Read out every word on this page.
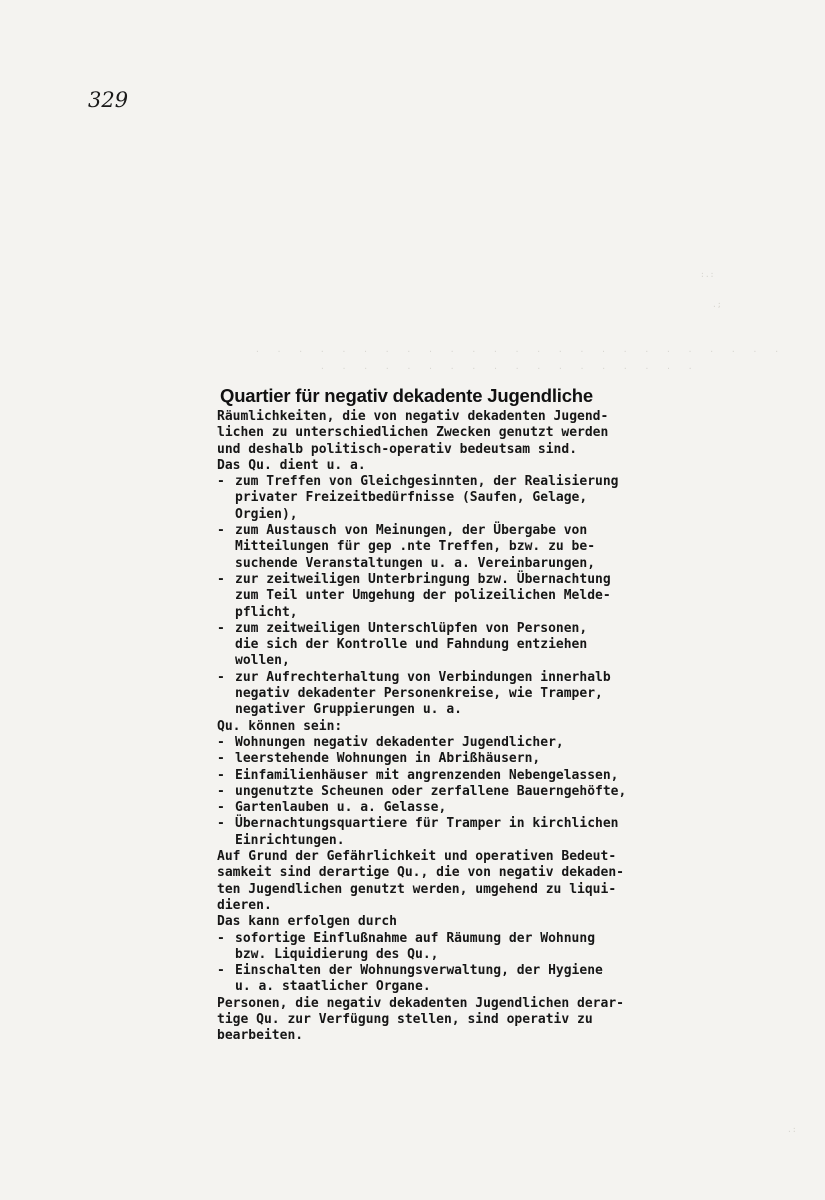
329
:.:
.;
. . . . . . . . . . . . . . . . . . . . . . . . .
. . . . . . . . . . . . . . . . . .
.:
Quartier für negativ dekadente Jugendliche
Räumlichkeiten, die von negativ dekadenten Jugend-
lichen zu unterschiedlichen Zwecken genutzt werden
und deshalb politisch-operativ bedeutsam sind.
Das Qu. dient u. a.
- zum Treffen von Gleichgesinnten, der Realisierung
privater Freizeitbedürfnisse (Saufen, Gelage,
Orgien),
- zum Austausch von Meinungen, der Übergabe von
Mitteilungen für gep .nte Treffen, bzw. zu be-
suchende Veranstaltungen u. a. Vereinbarungen,
- zur zeitweiligen Unterbringung bzw. Übernachtung
zum Teil unter Umgehung der polizeilichen Melde-
pflicht,
- zum zeitweiligen Unterschlüpfen von Personen,
die sich der Kontrolle und Fahndung entziehen
wollen,
- zur Aufrechterhaltung von Verbindungen innerhalb
negativ dekadenter Personenkreise, wie Tramper,
negativer Gruppierungen u. a.
Qu. können sein:
- Wohnungen negativ dekadenter Jugendlicher,
- leerstehende Wohnungen in Abrißhäusern,
- Einfamilienhäuser mit angrenzenden Nebengelassen,
- ungenutzte Scheunen oder zerfallene Bauerngehöfte,
- Gartenlauben u. a. Gelasse,
- Übernachtungsquartiere für Tramper in kirchlichen
Einrichtungen.
Auf Grund der Gefährlichkeit und operativen Bedeut-
samkeit sind derartige Qu., die von negativ dekaden-
ten Jugendlichen genutzt werden, umgehend zu liqui-
dieren.
Das kann erfolgen durch
- sofortige Einflußnahme auf Räumung der Wohnung
bzw. Liquidierung des Qu.,
- Einschalten der Wohnungsverwaltung, der Hygiene
u. a. staatlicher Organe.
Personen, die negativ dekadenten Jugendlichen derar-
tige Qu. zur Verfügung stellen, sind operativ zu
bearbeiten.
